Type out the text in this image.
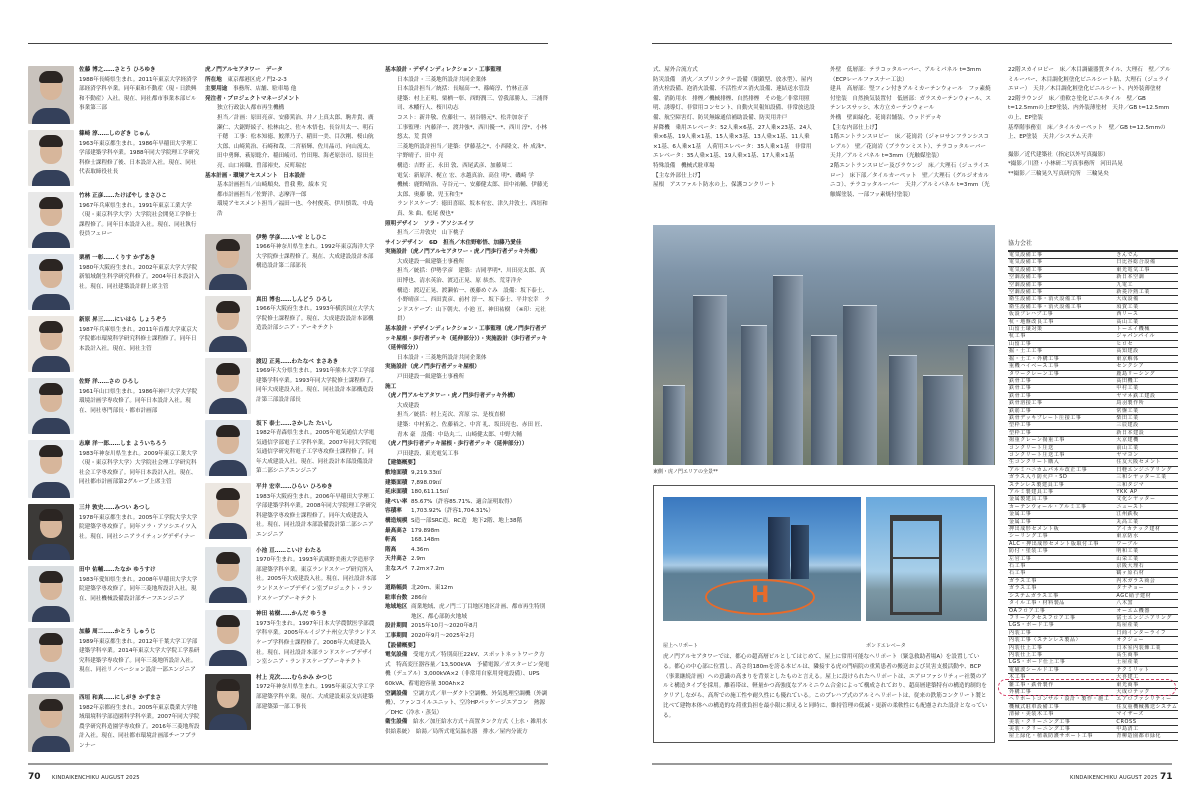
佐藤 博之……さとう ひろゆき
1988年長崎県生まれ。2011年東京大学経済学部経済学科卒業。同年東和不動産（現・日鉄興和不動産）入社。現在、同社都市事業本部ビル事業第三部
篠崎 淳……しのざき じゅん
1963年東京都生まれ。1986年早稲田大学理工学部建築学科卒業。1988年同大学院理工学研究科修士課程修了後、日本設計入社。現在、同社代表取締役社長
竹林 正彦……たけばやし まさひこ
1967年兵庫県生まれ。1991年東京工業大学（現・東京科学大学）大学院社会開発工学修士課程修了。同年日本設計入社。現在、同社執行役員フェロー
栗栖 一彰……くりす かずあき
1980年大阪府生まれ。2002年東京大学大学院新領域創生科学研究科修了。2004年日本設計入社。現在、同社建築設計群上席主管
新原 昇三……にいはら しょうぞう
1987年兵庫県生まれ。2011年首都大学東京大学院都市環境科学研究科修士課程修了。同年日本設計入社。現在、同社主管
佐野 洋……さの ひろし
1961年山口県生まれ。1986年神戸大学大学院環境計画学専攻修了。同年日本設計入社。現在、同社専門部長・都市計画部
志摩 洋一郎……しま よういちろう
1983年神奈川県生まれ。2009年東京工業大学（現・東京科学大学）大学院社会理工学研究科社会工学専攻修了。同年日本設計入社。現在、同社都市計画部第2グループ上席主管
三井 敦史……みつい あつし
1978年東京都生まれ。2005年工学院大学大学院建築学専攻修了。同年ソラ・アソシエイツ入社。現在、同社シニアライティングデザイナー
田中 佑輔……たなか ゆうすけ
1983年愛知県生まれ。2008年早稲田大学大学院建築学専攻修了。同年三菱地所設計入社。現在、同社機械設備設計部チーフエンジニア
加藤 周二……かとう しゅうじ
1989年東京都生まれ。2012年千葉大学工学部建築学科卒業。2014年東京大学大学院工学系研究科建築学専攻修了。同年三菱地所設計入社。現在、同社リノベーション設計一部エンジニア
西垣 和真……にしがき かずまさ
1982年京都府生まれ。2005年東京農業大学地域環境科学部造園科学科卒業。2007年同大学院農学研究科造園学専攻修了。2016年三菱地所設計入社。現在、同社都市環境計画部チーフプランナー
虎ノ門アルセアタワー　データ
所在地　 東京都港区虎ノ門2-2-3
主要用途　 事務所、店舗、駐車場 他
発注者・プロジェクトマネージメント　
独立行政法人都市再生機構
担当／計画：原田亮彦、安藤篤治、井ノ上真太郎、駒井貴、廣瀬仁、大鋸野綾子、松林由之、佐々木悟也、長谷川太一、明石千穂　工事：松本知徳、鮫澤乃子、稲田一美、目次剛、桜山航大郎、山崎篤治、石崎和哉、二宮裕輝、佐川晶司、向山流太、田中勇輝、萩原聡介、稲田崚司、竹田翔、海老原崇司、原田圭亮、山口裕職、曽部裕史、反町瑞宏
基本計画・環境アセスメント　日本設計
基本計画担当／山崎順央、曽我 勲、綾本 究
都市計画担当／佐野洋、志摩洋一郎
環境アセスメント担当／福田一也、今村俊英、伊川慎哉、中島浩
伊勢 学彦……いせ としひこ
1966年神奈川県生まれ。1992年東京海洋大学大学院修士課程修了。現在、大成建設設計本部構造設計第二部部長
真田 博也……しんどう ひろし
1966年大阪府生まれ。1993年横浜国立大学大学院修士課程修了。現在、大成建設設計本部構造設計部シニア・アーキテクト
渡辺 正晃……わたなべ まさあき
1969年大分県生まれ。1991年熊本大学工学部建築学科卒業。1993年同大学院修士課程修了。同年大成建設入社。現在、同社設計本部構造設計第三部設計部長
坂下 泰士……さかした たいし
1982年青森県生まれ。2005年電気通信大学電気通信学部電子工学科卒業。2007年同大学院電気通信学研究科電子工学専攻修士課程修了。同年大成建設入社。現在、同社設計本部設備設計第二部シニアエンジニア
平井 宏幸……ひらい ひろゆき
1983年大阪府生まれ。2006年早稲田大学理工学部建築学科卒業。2008年同大学院理工学研究科建築学専攻修士課程修了。同年大成建設入社。現在、同社設計本部設備設計第二部シニアエンジニア
小池 亘……こいけ わたる
1970年生まれ。1993年武蔵野美術大学造形学部建築学科卒業。東京ランドスケープ研究所入社。2005年大成建設入社。現在、同社設計本部ランドスケープデザイン室プロジェクト・ランドスケープアーキテクト
神田 祐樹……かんだ ゆうき
1973年生まれ。1997年日本大学農獣医学部農学科卒業。2005年ルイジアナ州立大学ランドスケープ学科修士課程修了。2008年大成建設入社。現在、同社設計本部ランドスケープデザイン室シニア・ランドスケープアーキテクト
村上 克次……むらかみ かつじ
1972年神奈川県生まれ。1995年東京大学工学部建築学科卒業。現在、大成建設東京支店建築部建築第一部工事長
基本設計・デザインディレクション・工事監理
日本設計・三菱地所設計共同企業体
日本設計担当／統括：長堀高一*、篠崎淳、竹林正彦
建築：村上正明、栗栖一彰、西野潤三、曽我部勝人、三浦啓司、木幡行人、桜川功志
コスト：新井敬、佐藤壮一、初谷勝元*、松井加奈子
工事監理：内藤洋一、渡井強*、西川優一*、西川 淳*、小林悠太、荒 貴啓
三菱地所設計担当／建築：伊藤基之*、小西隆文、朴 成洙*、宇野晴子、田中 亮
構造：吉野 正、永田 敦、西尾武彦、加藤周二
電気：新原洋、梶立 宏、水越真治、高住 明*、磯崎 学
機械：鹿野晴治、寺谷元一、安藤健太郎、田中祐輔、伊藤光太郎、奥藤 敏、児玉和生*
ランドスケープ：徳田喜昭、坂本有宏、津久井敦士、西垣和真、朱 曲、松尾 俊也*
照明デザイン　ソラ・アソシエイツ
担当／三井敦史　山下桃子
サインデザイン　6D　担当／木住野彰悟、加藤乃愛佳
実施設計（虎ノ門アルセアタワー・虎ノ門歩行者デッキ外構）
大成建設一級建築士事務所
担当／統括：伊勢学彦　建築：吉岡孝明*、川田亮太郎、真田博也、清水英治、渡辺正晃、原 恭杰、荒芽洋介
構造：渡辺正晃、渡瀬佑一、後藤めぐみ　設備：坂下泰士、小野晴彦二、西田貴彦、前村 淳一、坂下泰士、平井宏幸　ランドスケープ：山下朝夫、小池 亘、神田祐樹　（※印：元社員）
基本設計・デザインディレクション・工事監理（虎ノ門歩行者デッキ屋根・歩行者デッキ（延伸部分））・実施設計（歩行者デッキ（延伸部分））
日本設計・三菱地所設計共同企業体
実施設計（虎ノ門歩行者デッキ屋根）
戸田建設一級建築士事務所
施工
（虎ノ門アルセアタワー・虎ノ門歩行者デッキ外構）
大成建設
担当／統括：村上克次、宮原 宗、是枝直樹
建築：中村拓之、佐藤裕之、中宮 礼、坂田亮也、赤田 匠、青木 豪　設備：中島丸二、山崎健太郎、中野大輔
（虎ノ門歩行者デッキ屋根・歩行者デッキ（延伸部分））
戸田建設、東光電気工事
【建築概要】
敷地面積 9,219.33㎡
建築面積 7,898.09㎡
延床面積 180,611.15㎡
建ぺい率 85.67%（許容85.71%、適合証明取得）
容積率	1,703.92%（許容1,704.31%）
構造規模 S造一部SRC造、RC造　地下2階、地上38階
最高高さ 179.898m
軒高	168.148m
階高	4.36m
天井高さ 2.9m
主なスパン
7.2m×7.2m
道路幅員 北20m、東12m
駐車台数 286台
地域地区 商業地域、虎ノ門二丁目地区地区計画、都市再生特別地区、都心部防火地域
設計期間 2015年10月〜2020年8月
工事期間 2020年9月〜2025年2月
【設備概要】
電気設備　 受電方式／特別高圧22kV、スポットネットワーク方式　特高変圧器容量／13,500kVA　予備電源／ガスタービン発電機（デュアル）3,000kVA×2（非常用自家用発電設備）、UPS 60kVA、蓄電池容量 300Ah×2
空調設備　 空調方式／単一ダクト空調機、外気処理空調機（外調機）、ファンコイルユニット、空冷HPパッケージエアコン　熱源／DHC（冷水・蒸気）
衛生設備　 給水／加圧給水方式＋高置タンク方式（上水・雑用水供給系統）　給湯／局所式電気温水器　排水／屋内分流方
式、屋外合流方式
防災設備　消火／スプリンクラー設備（閉鎖型、放水型）、屋内消火栓設備、泡消火設備、不活性ガス消火設備、連結送水管設備、消防用水　排煙／機械排煙、自然排煙　その他／非常用照明、誘導灯、非常用コンセント、自動火災報知設備、非常放送設備、航空障害灯、防災無線通信補助設備、防災用井戸
昇降機　乗用エレベータ：52人乗×6基、27人乗×23基、24人乗×6基、19人乗×1基、15人乗×3基、13人乗×1基、11人乗×1基、6人乗×1基　人荷用エレベータ：35人乗×1基　非常用エレベータ：35人乗×1基、19人乗×1基、17人乗×1基
特殊設備　機械式駐車場
【主な外部仕上げ】
屋根　アスファルト防水の上、保護コンクリート
外壁　低層部：テラコッタルーバー、アルミパネル t=3mm（ECPレールファスナー工法）
建具　高層部：竪フィン付きアルミカーテンウォール　フッ素焼付塗装　自然換気装置付　低層部：ガラスカーテンウォール、ステンレスサッシ、木方立カーテンウォール
外構　壁面緑化、花崗岩舗装、ウッドデッキ
【主な内部仕上げ】
1階エントランスロビー　床／花崗岩（ジャロサンフランシスコレアル）　壁／花崗岩（ブラウンミスト）、テラコッタルーバー　天井／アルミパネル t=3mm（光触媒塗装）
2階エントランスロビー及びラウンジ　床／大理石（ジュライエロー）　床下部／タイルカーペット　壁／大理石（グルジオカルニコ）、テラコッタルーバー　天井／アルミパネル t=3mm（光触媒塗装、一部フッ素焼付塗装）
22階スカイロビー　床／木目調磁器質タイル、大理石　壁／アルミルーバー、木目調化粧塗化ビニルシート貼、大理石（ジュライエロー）　天井／木目調化粧塗化ビニルシート、内外装薄塗材
22階ラウンジ　床／重軟さ塗化ビニルタイル　壁／GB t=12.5mmの上EP塗装、内外装薄塗材　天井／GB t=12.5mmの上、EP塗装
基準階事務室　床／タイルカーペット　壁／GB t=12.5mmの上、EP塗装　天井／システム天井
撮影／近代建築社（指定以外写真撮影）
*撮影／川澄・小林研二写真事務所　河田昌晃
**撮影／三輪晃久写真研究所　三輪晃央
東側・虎ノ門エリアの全景**
H
屋上ヘリポート	ボンドエレベータ
虎ノ門アルセアタワーでは、都心の超高層ビルとしてはじめて、屋上に常用可能なヘリポート（緊急救助者場A）を設置している。都心の中心部に位置し、高さ約180mを誇る本ビルは、隣接する虎の門病院の重篤患者の搬送および災害支援活動や、BCP（事業継続計画）への意識の高まりを背景としたものと言える。屋上に設けられたヘリポートは、エアロファシリティー社製のアルミ構造タイプを採用。離着帯は、軽量かつ高強度なアルミニウム合金によって構成されており、超高層建築特有の構造的制約をクリアしながら、高所での施工性や耐久性にも優れている。このプレハブ式のアルミヘリポートは、従来の鉄筋コンクリート製と比べて建物本体への構造的な荷重負担を最小限に抑えると同時に、維持管理の低減・更新の柔軟性にも配慮された設計となっている。
協力会社
電気設備工事	きんでん
電気設備工事	日比谷総合設備
電気設備工事	東光電気工事
空調設備工事	新日本空調
空調設備工事	九電工
空調設備工事	新菱冷熱工業
衛生設備工事・消火設備工事	大成設備
衛生設備工事・消火設備工事	須賀工業
仮設プレハブ工事	西リース
杭・地盤改良工事	高山工業
山留土壌対策	トーエイ機械
杭工事	ジャパンパイル
山留工事	ヒロセ
掘・土工工事	高知建設
掘・土工・外構工事	東京解体
重機ハイベース工事	センクシア
タワークレーン工事	鹿島リーシング
鉄骨工事	高田機工
鉄骨工事	中村工業
鉄骨工事	ヤマネ鉄工建設
鉄骨溶接工事	鳥羽製作所
鉄筋工事	常盤工業
鉄骨デッキプレート圧接工事	柴田工業
型枠工事	三辰建設
型枠工事	新日本建設
揚重クレーン揚重工事	大京建機
コンクリート圧送	前山工業
コンクリート圧送工事	ヤマヨン
生コンクリート購入	住友大阪セメント
アルミハニカムパネル改正工事	日軽エンジニアリング
ガラス入り防火戸・SD	三和シヤッター工業
ステンレス製建具工事	三和タジマ
アルミ製建具工事	YKK AP
金属製建具工事	文化シヤッター
カーテンウォール・アルミ工事	ニュースト
金属工事	江州鉄板
金属工事	丸高工業
押出成形セメント板	アイカテック建材
シーリング工事	東京防水
ALC・押出成形セメント版取付工事	ワーブル
防付・塗装工事	明和工業
左官工事	山栄工業
石工事	京阪大理石
石工事	鶴ヶ原石材
ガラス工事	内木ガラス商会
ガラス工事	タナチョー
システムガラス工事	AGC硝子建材
タイル工事・材料製品	八木窯
OAフロア工事	オーエム機器
フリーアクセスフロア工事	富士エンジニアリング
LGS・ボード工事	馬屋産業
内装工事	日商インターライフ
内装工事（ステンレス製品）	オクジュー
内装仕上工事	日本室内装飾工業
内装仕上工事	高生商事
LGS・ボード仕上工事	土屋産業
電磁波シールド工事	テクミリット
木工事	大喜建工
雑工事・鉄骨製作	東光商事
外構工事	大成ロテック
ヘリポートコンサル・設計・製作・施工	エアロファシリティー
機械式駐車設備工事	住友重機械搬送システム
清掃・美装木工事	マイザーズ
美装・クリーニング工事	CROSS
美装・クリーニング工事	中島清工
屋上緑化・植栽防護サポート工事	青柳造園都市緑化
70 KINDAIKENCHIKU AUGUST 2025	KINDAIKENCHIKU AUGUST 2025 71
